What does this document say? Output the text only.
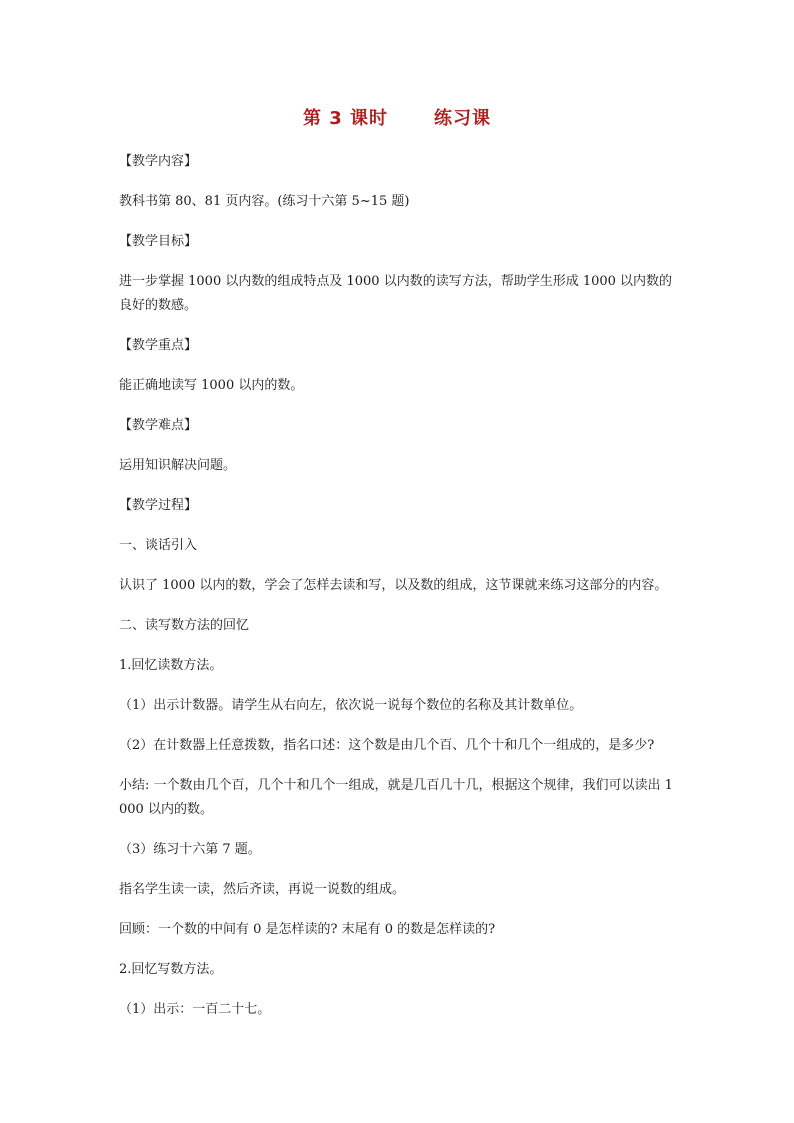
第 3 课时	练习课

【教学内容】

教科书第 80、81 页内容。(练习十六第 5~15 题)

【教学目标】

进一步掌握 1000 以内数的组成特点及 1000 以内数的读写方法，帮助学生形成 1000 以内数的良好的数感。

【教学重点】

能正确地读写 1000 以内的数。

【教学难点】

运用知识解决问题。

【教学过程】

一、谈话引入

认识了 1000 以内的数，学会了怎样去读和写，以及数的组成，这节课就来练习这部分的内容。

二、读写数方法的回忆

1.回忆读数方法。

（1）出示计数器。请学生从右向左，依次说一说每个数位的名称及其计数单位。

（2）在计数器上任意拨数，指名口述：这个数是由几个百、几个十和几个一组成的，是多少?

小结: 一个数由几个百，几个十和几个一组成，就是几百几十几，根据这个规律，我们可以读出 1000 以内的数。

（3）练习十六第 7 题。

指名学生读一读，然后齐读，再说一说数的组成。

回顾：一个数的中间有 0 是怎样读的? 末尾有 0 的数是怎样读的?

2.回忆写数方法。

（1）出示：一百二十七。
